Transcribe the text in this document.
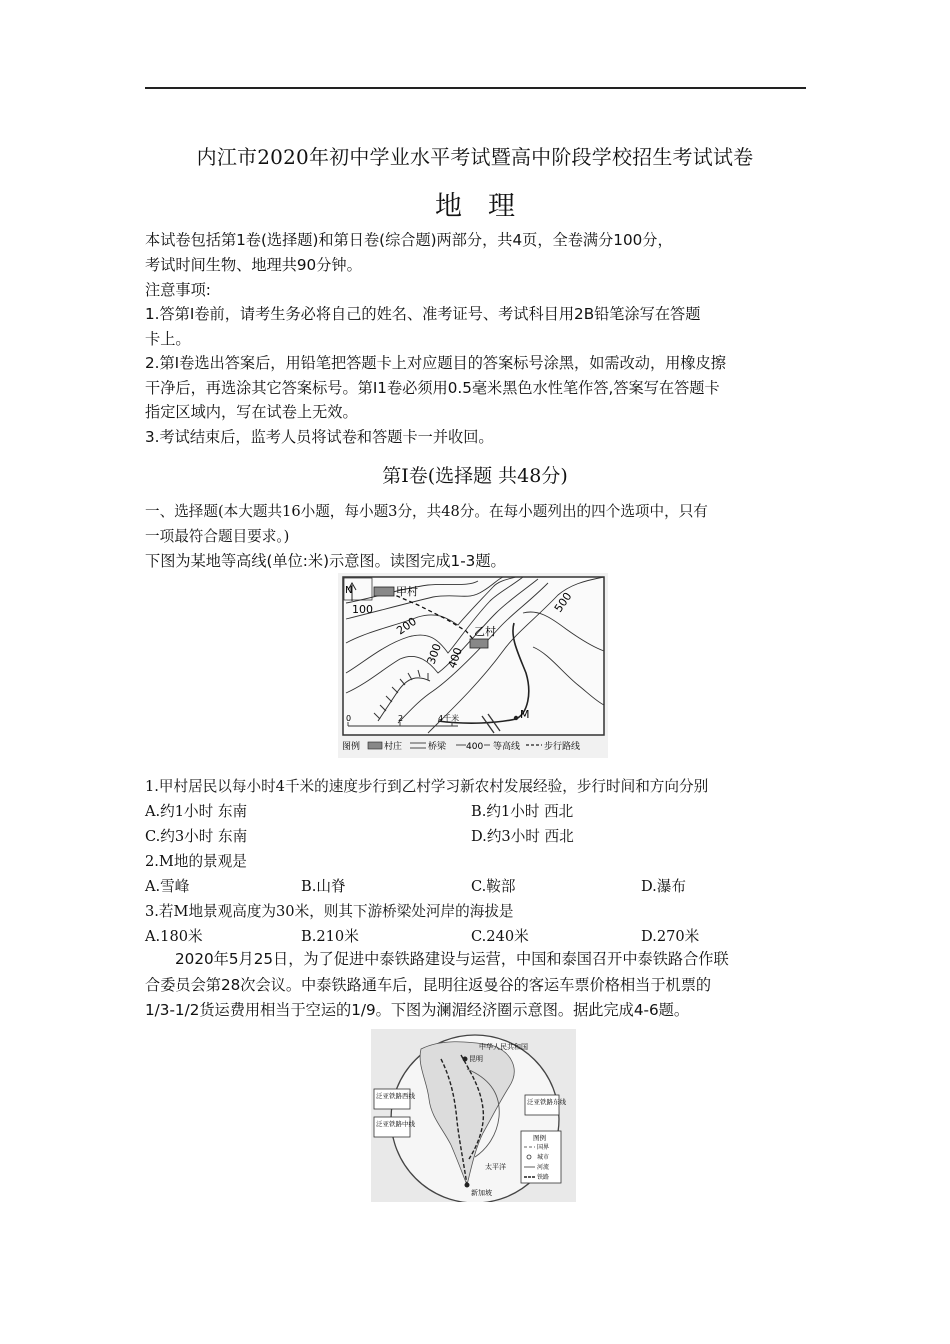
内江市2020年初中学业水平考试暨高中阶段学校招生考试试卷

地理

本试卷包括第1卷(选择题)和第日卷(综合题)两部分，共4页，全卷满分100分，

考试时间生物、地理共90分钟。

注意事项:

1.答第I卷前，请考生务必将自己的姓名、准考证号、考试科目用2B铅笔涂写在答题

卡上。

2.第I卷选出答案后，用铅笔把答题卡上对应题目的答案标号涂黑，如需改动，用橡皮擦

干净后，再选涂其它答案标号。第I1卷必须用0.5毫米黑色水性笔作答,答案写在答题卡

指定区域内，写在试卷上无效。

3.考试结束后，监考人员将试卷和答题卡一并收回。

第I卷(选择题 共48分)

一、选择题(本大题共16小题，每小题3分，共48分。在每小题列出的四个选项中，只有

一项最符合题目要求。)

下图为某地等高线(单位:米)示意图。读图完成1-3题。

N	甲村
乙村
100
200
300 400
500
M
0	2	4千米
图例	村庄	桥梁 400 等高线	步行路线

1.甲村居民以每小时4千米的速度步行到乙村学习新农村发展经验，步行时间和方向分别

A.约1小时 东南	B.约1小时 西北

C.约3小时 东南	D.约3小时 西北

2.M地的景观是

A.雪峰	B.山脊	C.鞍部	D.瀑布

3.若M地景观高度为30米，则其下游桥梁处河岸的海拔是

A.180米	B.210米	C.240米	D.270米

2020年5月25日，为了促进中泰铁路建设与运营，中国和泰国召开中泰铁路合作联

合委员会第28次会议。中泰铁路通车后，昆明往返曼谷的客运车票价格相当于机票的

1/3-1/2货运费用相当于空运的1/9。下图为澜湄经济圈示意图。据此完成4-6题。

泛亚铁路西线
泛亚铁路中线
泛亚铁路东线
中华人民共和国
昆明
太平洋
新加坡
图例
国界
城市
河流
铁路
